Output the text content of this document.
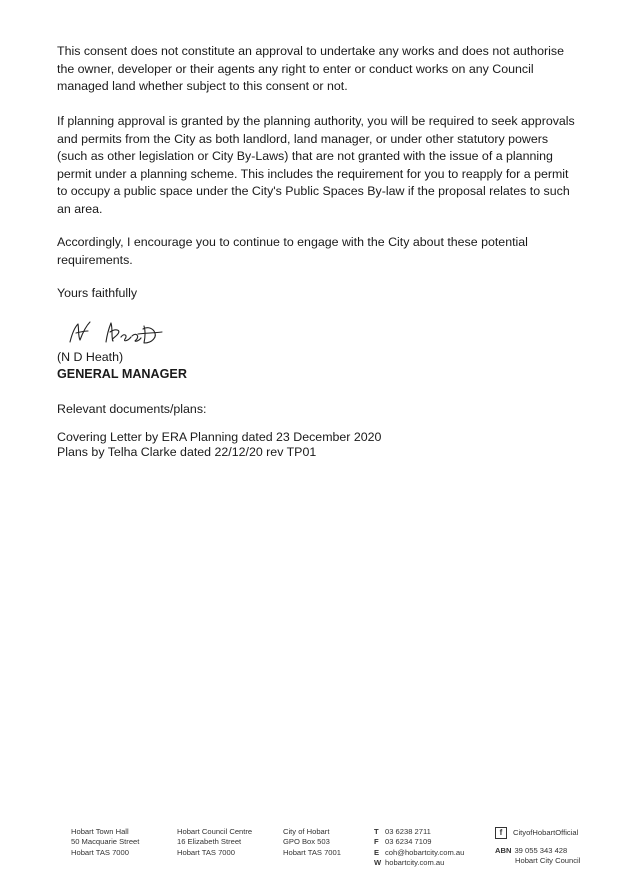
This consent does not constitute an approval to undertake any works and does not authorise
the owner, developer or their agents any right to enter or conduct works on any Council
managed land whether subject to this consent or not.
If planning approval is granted by the planning authority, you will be required to seek approvals
and permits from the City as both landlord, land manager, or under other statutory powers
(such as other legislation or City By-Laws) that are not granted with the issue of a planning
permit under a planning scheme. This includes the requirement for you to reapply for a permit
to occupy a public space under the City's Public Spaces By-law if the proposal relates to such
an area.
Accordingly, I encourage you to continue to engage with the City about these potential
requirements.
Yours faithfully
(N D Heath)
GENERAL MANAGER
Relevant documents/plans:
Covering Letter by ERA Planning dated 23 December 2020
Plans by Telha Clarke dated 22/12/20 rev TP01
Hobart Town Hall
50 Macquarie Street
Hobart TAS 7000
Hobart Council Centre
16 Elizabeth Street
Hobart TAS 7000
City of Hobart
GPO Box 503
Hobart TAS 7001
T 03 6238 2711
F 03 6234 7109
E coh@hobartcity.com.au
W hobartcity.com.au
f	CityofHobartOfficial
ABN 39 055 343 428
Hobart City Council
